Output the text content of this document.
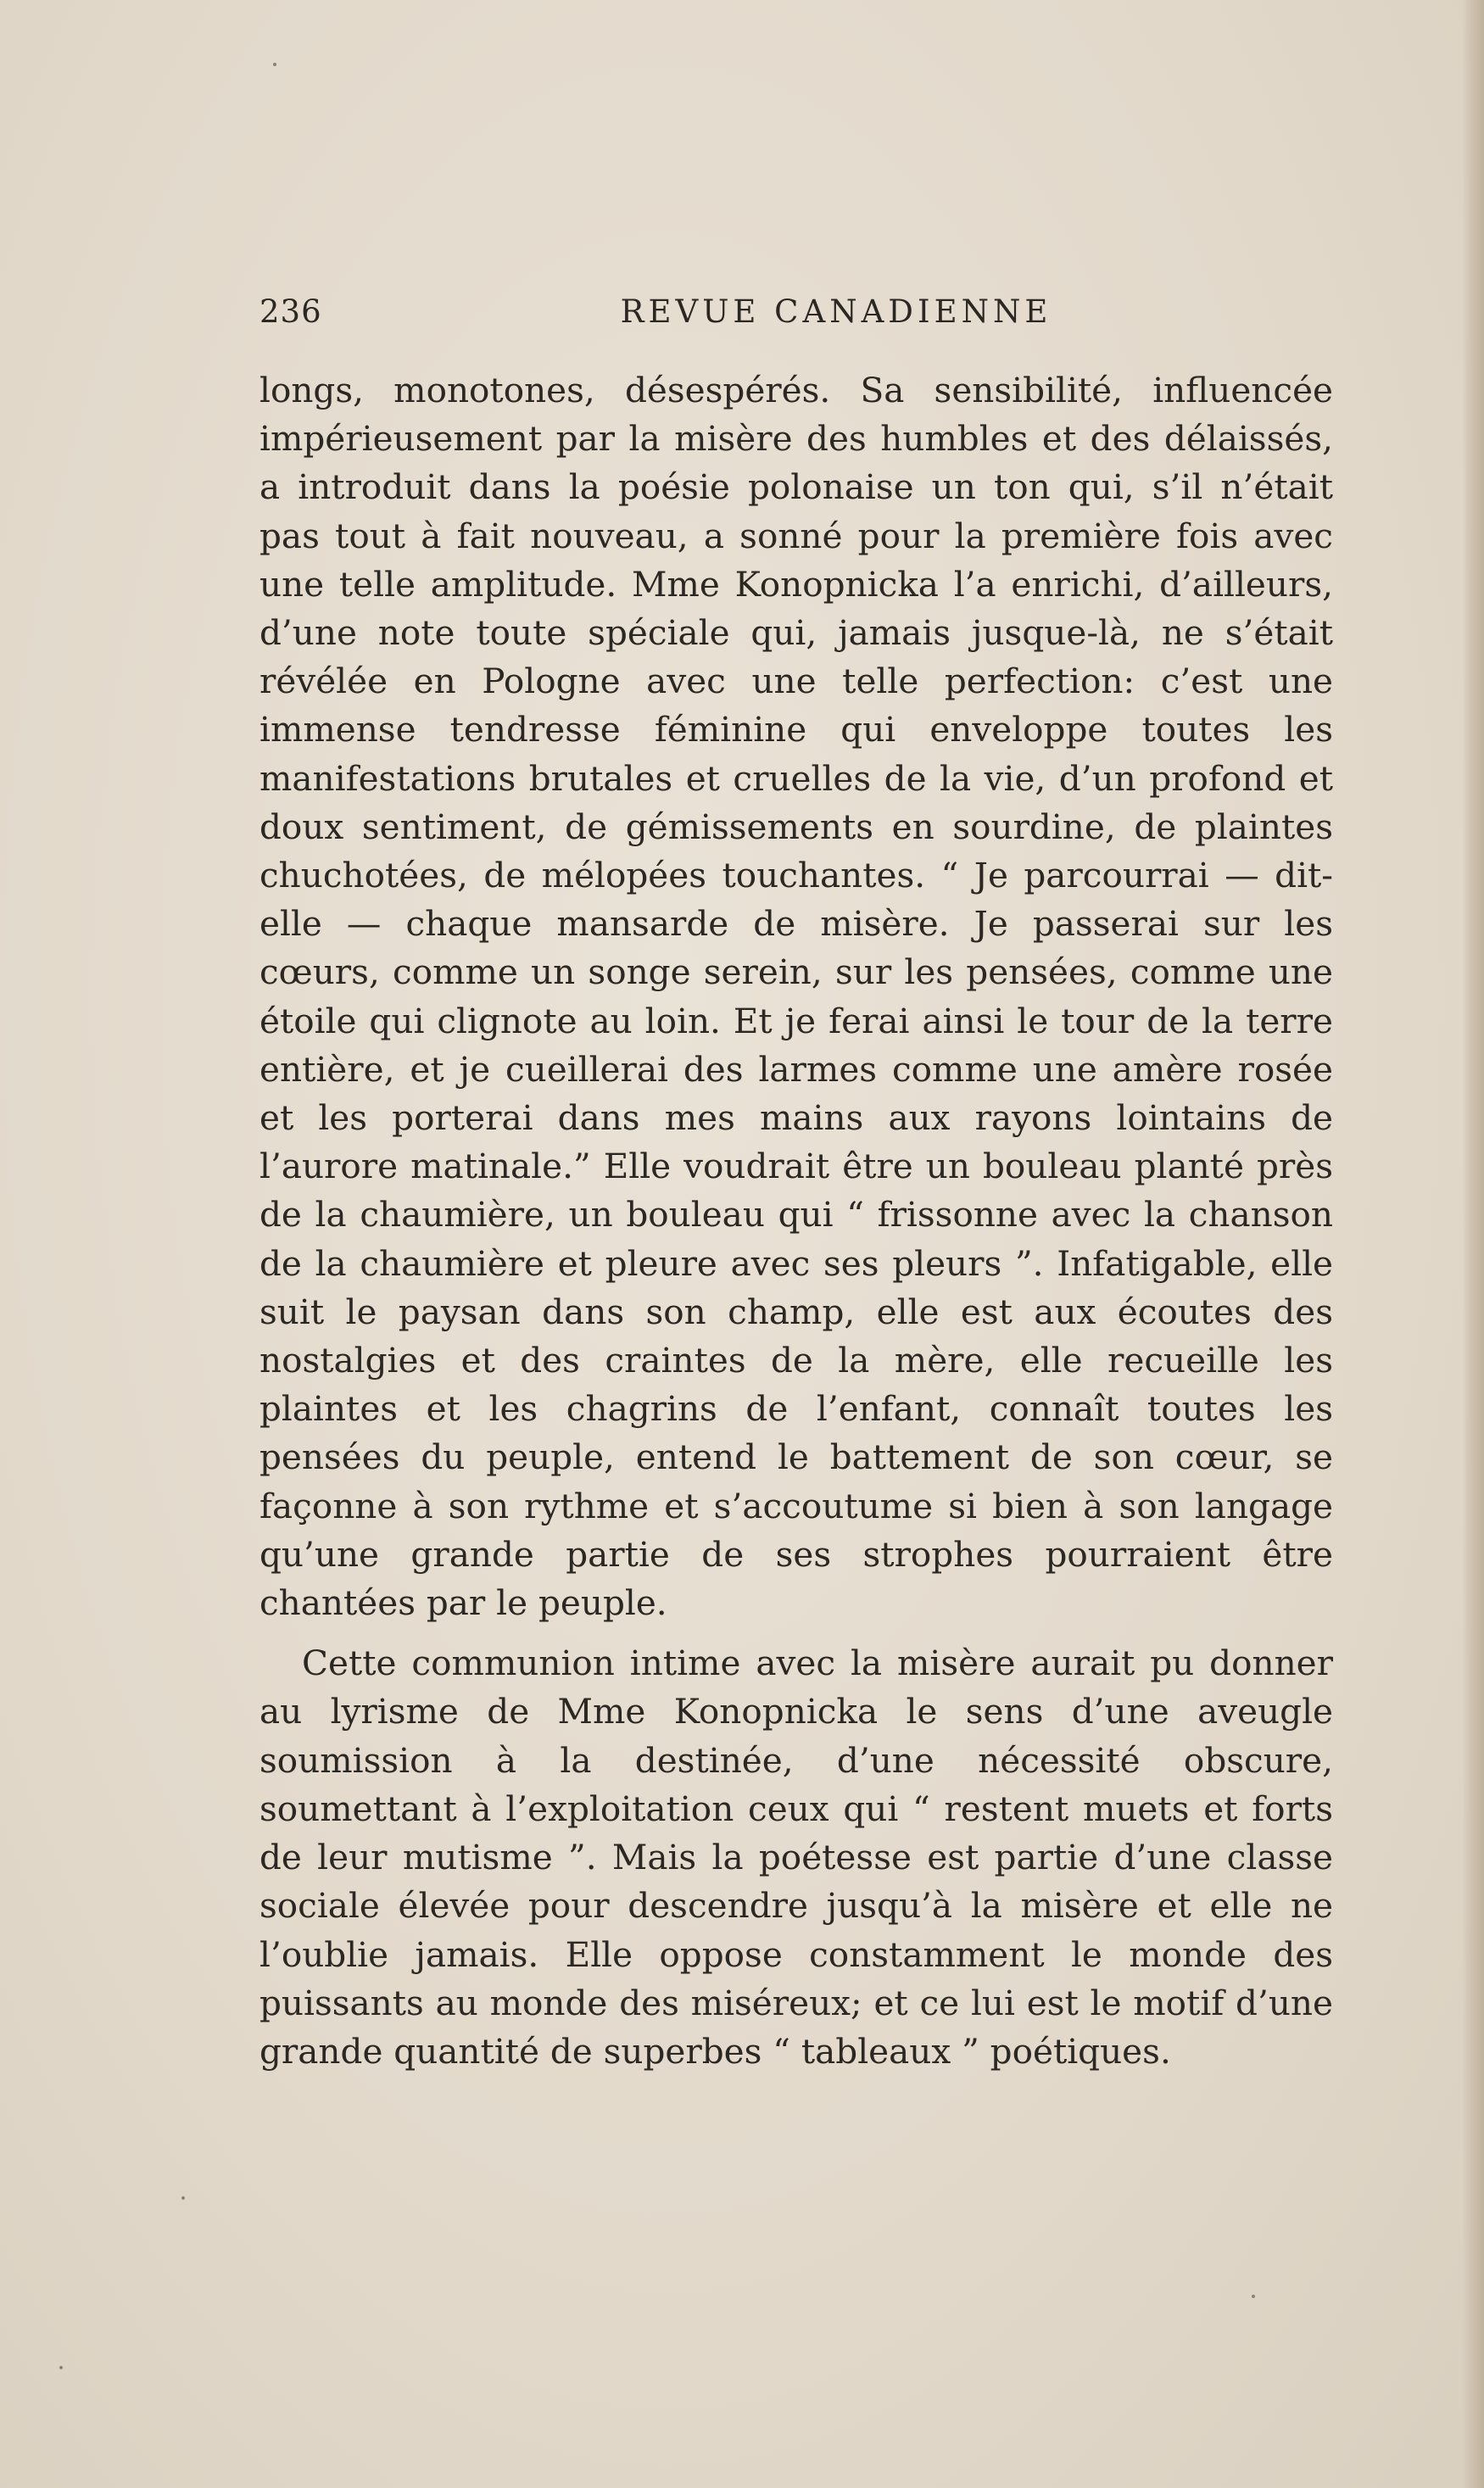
236	REVUE CANADIENNE

longs, monotones, désespérés. Sa sensibilité, influencée impérieusement par la misère des humbles et des délaissés, a introduit dans la poésie polonaise un ton qui, s’il n’était pas tout à fait nouveau, a sonné pour la première fois avec une telle amplitude. Mme Konopnicka l’a enrichi, d’ailleurs, d’une note toute spéciale qui, jamais jusque-là, ne s’était révélée en Pologne avec une telle perfection: c’est une immense tendresse féminine qui enveloppe toutes les manifestations brutales et cruelles de la vie, d’un profond et doux sentiment, de gémissements en sourdine, de plaintes chuchotées, de mélopées touchantes. “ Je parcourrai — dit-elle — chaque mansarde de misère. Je passerai sur les cœurs, comme un songe serein, sur les pensées, comme une étoile qui clignote au loin. Et je ferai ainsi le tour de la terre entière, et je cueillerai des larmes comme une amère rosée et les porterai dans mes mains aux rayons lointains de l’aurore matinale.” Elle voudrait être un bouleau planté près de la chaumière, un bouleau qui “ frissonne avec la chanson de la chaumière et pleure avec ses pleurs ”. Infatigable, elle suit le paysan dans son champ, elle est aux écoutes des nostalgies et des craintes de la mère, elle recueille les plaintes et les chagrins de l’enfant, connaît toutes les pensées du peuple, entend le battement de son cœur, se façonne à son rythme et s’accoutume si bien à son langage qu’une grande partie de ses strophes pourraient être chantées par le peuple.

Cette communion intime avec la misère aurait pu donner au lyrisme de Mme Konopnicka le sens d’une aveugle soumission à la destinée, d’une nécessité obscure, soumettant à l’exploitation ceux qui “ restent muets et forts de leur mutisme ”. Mais la poétesse est partie d’une classe sociale élevée pour descendre jusqu’à la misère et elle ne l’oublie jamais. Elle oppose constamment le monde des puissants au monde des miséreux; et ce lui est le motif d’une grande quantité de superbes “ tableaux ” poétiques.
